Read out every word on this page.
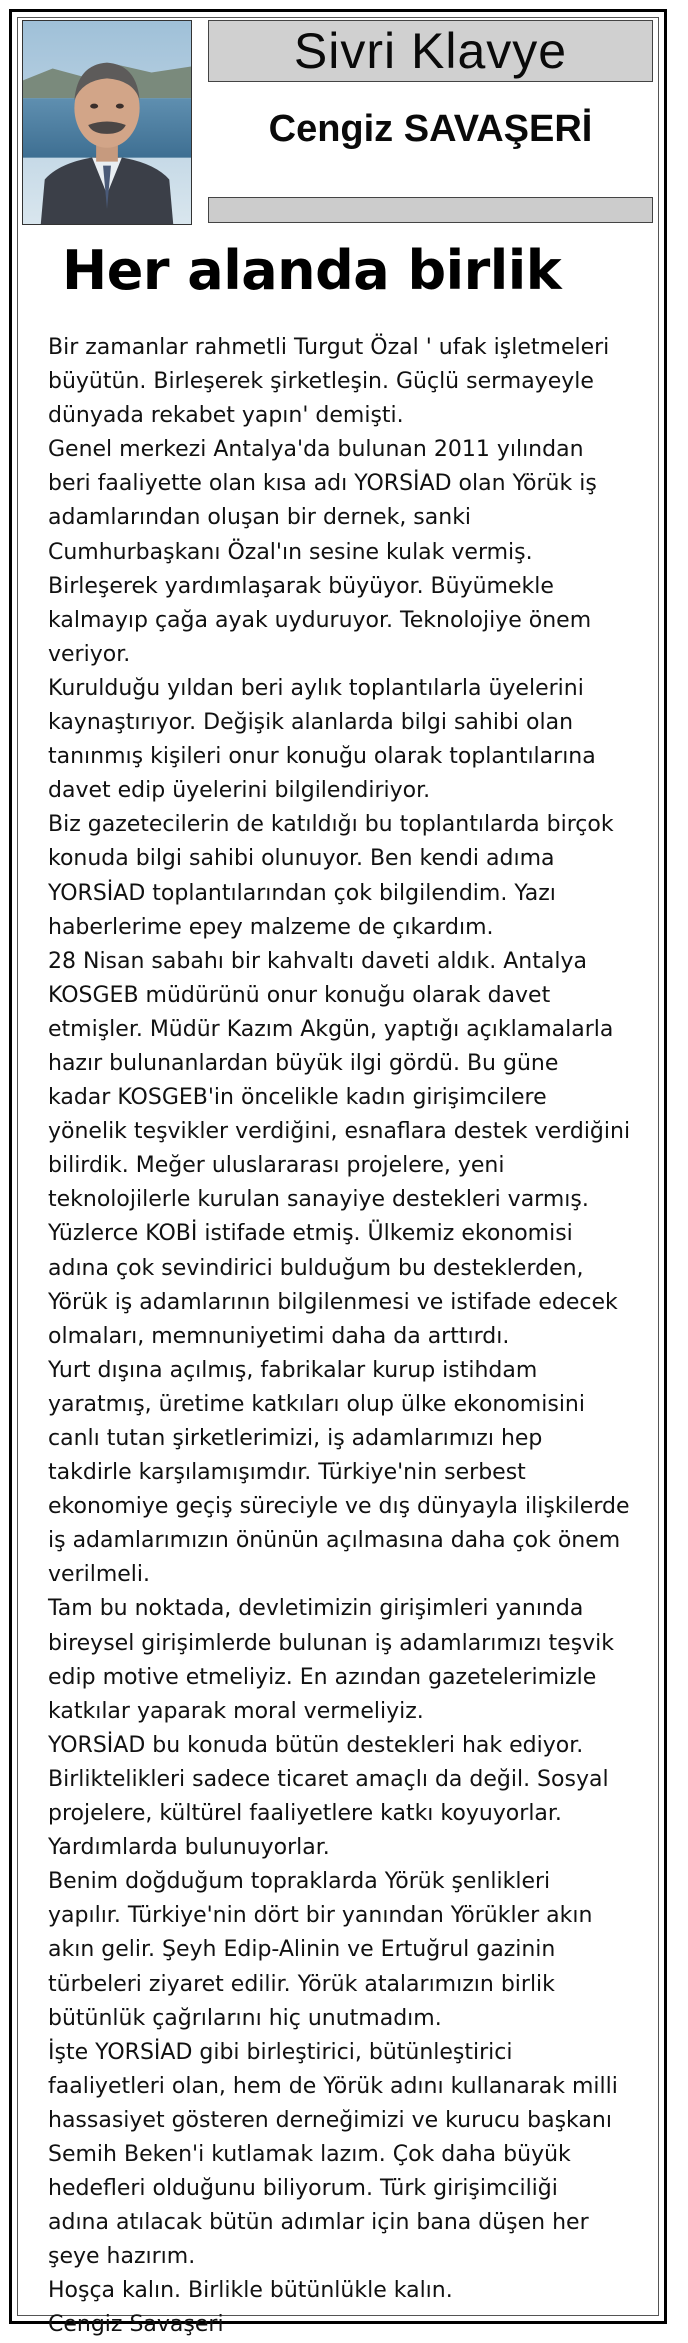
Sivri Klavye
Cengiz SAVAŞERİ
Her alanda birlik
Bir zamanlar rahmetli Turgut Özal ' ufak işletmeleri
büyütün. Birleşerek şirketleşin. Güçlü sermayeyle
dünyada rekabet yapın' demişti.
Genel merkezi Antalya'da bulunan 2011 yılından
beri faaliyette olan kısa adı YORSİAD olan Yörük iş
adamlarından oluşan bir dernek, sanki
Cumhurbaşkanı Özal'ın sesine kulak vermiş.
Birleşerek yardımlaşarak büyüyor. Büyümekle
kalmayıp çağa ayak uyduruyor. Teknolojiye önem
veriyor.
Kurulduğu yıldan beri aylık toplantılarla üyelerini
kaynaştırıyor. Değişik alanlarda bilgi sahibi olan
tanınmış kişileri onur konuğu olarak toplantılarına
davet edip üyelerini bilgilendiriyor.
Biz gazetecilerin de katıldığı bu toplantılarda birçok
konuda bilgi sahibi olunuyor. Ben kendi adıma
YORSİAD toplantılarından çok bilgilendim. Yazı
haberlerime epey malzeme de çıkardım.
28 Nisan sabahı bir kahvaltı daveti aldık. Antalya
KOSGEB müdürünü onur konuğu olarak davet
etmişler. Müdür Kazım Akgün, yaptığı açıklamalarla
hazır bulunanlardan büyük ilgi gördü. Bu güne
kadar KOSGEB'in öncelikle kadın girişimcilere
yönelik teşvikler verdiğini, esnaflara destek verdiğini
bilirdik. Meğer uluslararası projelere, yeni
teknolojilerle kurulan sanayiye destekleri varmış.
Yüzlerce KOBİ istifade etmiş. Ülkemiz ekonomisi
adına çok sevindirici bulduğum bu desteklerden,
Yörük iş adamlarının bilgilenmesi ve istifade edecek
olmaları, memnuniyetimi daha da arttırdı.
Yurt dışına açılmış, fabrikalar kurup istihdam
yaratmış, üretime katkıları olup ülke ekonomisini
canlı tutan şirketlerimizi, iş adamlarımızı hep
takdirle karşılamışımdır. Türkiye'nin serbest
ekonomiye geçiş süreciyle ve dış dünyayla ilişkilerde
iş adamlarımızın önünün açılmasına daha çok önem
verilmeli.
Tam bu noktada, devletimizin girişimleri yanında
bireysel girişimlerde bulunan iş adamlarımızı teşvik
edip motive etmeliyiz. En azından gazetelerimizle
katkılar yaparak moral vermeliyiz.
YORSİAD bu konuda bütün destekleri hak ediyor.
Birliktelikleri sadece ticaret amaçlı da değil. Sosyal
projelere, kültürel faaliyetlere katkı koyuyorlar.
Yardımlarda bulunuyorlar.
Benim doğduğum topraklarda Yörük şenlikleri
yapılır. Türkiye'nin dört bir yanından Yörükler akın
akın gelir. Şeyh Edip-Alinin ve Ertuğrul gazinin
türbeleri ziyaret edilir. Yörük atalarımızın birlik
bütünlük çağrılarını hiç unutmadım.
İşte YORSİAD gibi birleştirici, bütünleştirici
faaliyetleri olan, hem de Yörük adını kullanarak milli
hassasiyet gösteren derneğimizi ve kurucu başkanı
Semih Beken'i kutlamak lazım. Çok daha büyük
hedefleri olduğunu biliyorum. Türk girişimciliği
adına atılacak bütün adımlar için bana düşen her
şeye hazırım.
Hoşça kalın. Birlikle bütünlükle kalın.
Cengiz Savaşeri
